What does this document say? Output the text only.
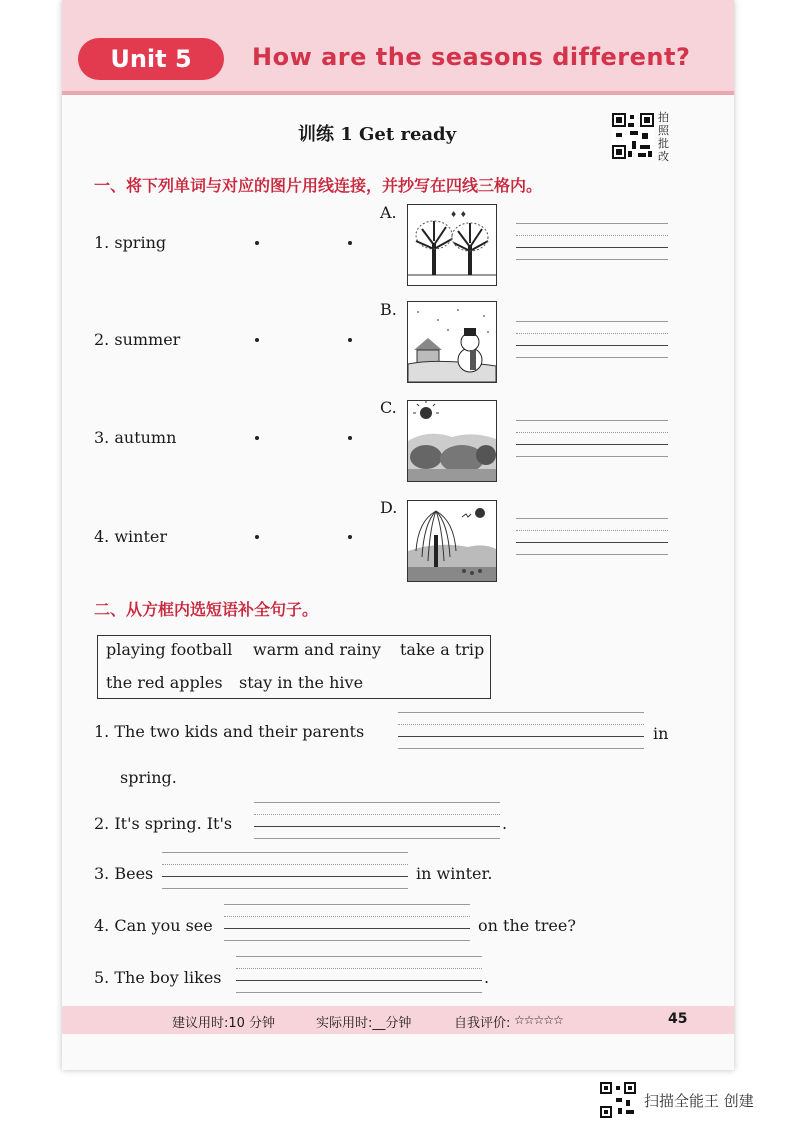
Unit 5	How are the seasons different?
训练 1 Get ready
拍照批改
一、将下列单词与对应的图片用线连接，并抄写在四线三格内。
1. spring
2. summer
3. autumn
4. winter
A.
B.
C.
D.
♦ ♦
二、从方框内选短语补全句子。
playing football warm and rainy take a trip
the red apples stay in the hive
1. The two kids and their parents	in
spring.
2. It's spring. It's	.
3. Bees	in winter.
4. Can you see	on the tree?
5. The boy likes	.
建议用时:10 分钟	实际用时:__分钟	自我评价: ☆☆☆☆☆	45
扫描全能王 创建
